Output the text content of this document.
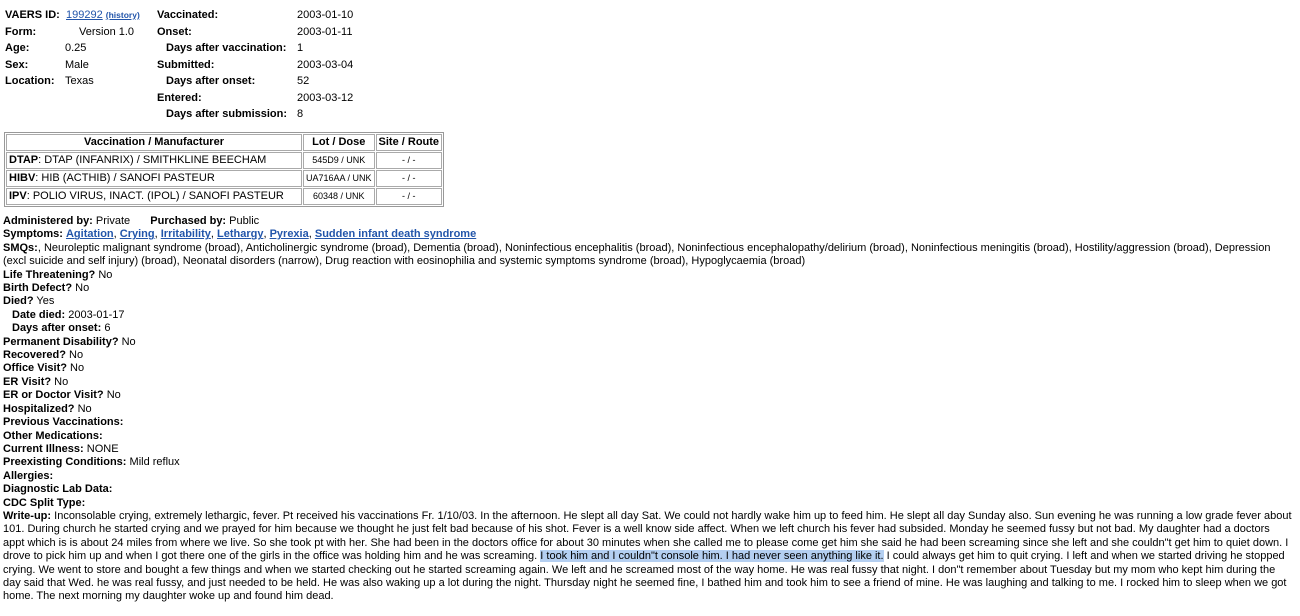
VAERS ID: 199292 (history)
Form:	Version 1.0
Age:	0.25
Sex:	Male
Location: Texas
Vaccinated:	2003-01-10
Onset:	2003-01-11
Days after vaccination: 1
Submitted:	2003-03-04
Days after onset:	52
Entered:	2003-03-12
Days after submission: 8
Vaccination / Manufacturer	Lot / Dose	Site / Route
DTAP: DTAP (INFANRIX) / SMITHKLINE BEECHAM	545D9 / UNK	- / -
HIBV: HIB (ACTHIB) / SANOFI PASTEUR	UA716AA / UNK	- / -
IPV: POLIO VIRUS, INACT. (IPOL) / SANOFI PASTEUR	60348 / UNK	- / -
Administered by: Private Purchased by: Public
Symptoms: Agitation, Crying, Irritability, Lethargy, Pyrexia, Sudden infant death syndrome
SMQs:, Neuroleptic malignant syndrome (broad), Anticholinergic syndrome (broad), Dementia (broad), Noninfectious encephalitis (broad), Noninfectious encephalopathy/delirium (broad), Noninfectious meningitis (broad), Hostility/aggression (broad), Depression (excl suicide and self injury) (broad), Neonatal disorders (narrow), Drug reaction with eosinophilia and systemic symptoms syndrome (broad), Hypoglycaemia (broad)
Life Threatening? No
Birth Defect? No
Died? Yes
Date died: 2003-01-17
Days after onset: 6
Permanent Disability? No
Recovered? No
Office Visit? No
ER Visit? No
ER or Doctor Visit? No
Hospitalized? No
Previous Vaccinations:
Other Medications:
Current Illness: NONE
Preexisting Conditions: Mild reflux
Allergies:
Diagnostic Lab Data:
CDC Split Type:
Write-up: Inconsolable crying, extremely lethargic, fever. Pt received his vaccinations Fr. 1/10/03. In the afternoon. He slept all day Sat. We could not hardly wake him up to feed him. He slept all day Sunday also. Sun evening he was running a low grade fever about 101. During church he started crying and we prayed for him because we thought he just felt bad because of his shot. Fever is a well know side affect. When we left church his fever had subsided. Monday he seemed fussy but not bad. My daughter had a doctors appt which is is about 24 miles from where we live. So she took pt with her. She had been in the doctors office for about 30 minutes when she called me to please come get him she said he had been screaming since she left and she couldn"t get him to quiet down. I drove to pick him up and when I got there one of the girls in the office was holding him and he was screaming. I took him and I couldn"t console him. I had never seen anything like it. I could always get him to quit crying. I left and when we started driving he stopped crying. We went to store and bought a few things and when we started checking out he started screaming again. We left and he screamed most of the way home. He was real fussy that night. I don"t remember about Tuesday but my mom who kept him during the day said that Wed. he was real fussy, and just needed to be held. He was also waking up a lot during the night. Thursday night he seemed fine, I bathed him and took him to see a friend of mine. He was laughing and talking to me. I rocked him to sleep when we got home. The next morning my daughter woke up and found him dead.
